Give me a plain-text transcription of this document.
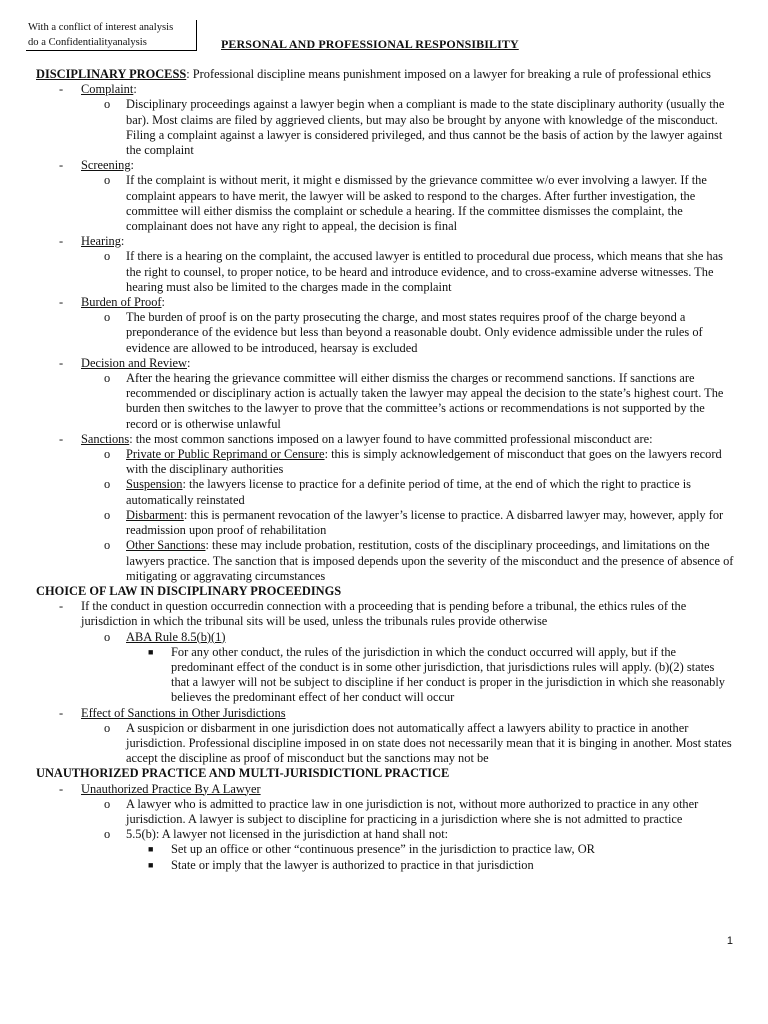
With a conflict of interest analysis
do a Confidentialityanalysis	PERSONAL AND PROFESSIONAL RESPONSIBILITY

DISCIPLINARY PROCESS: Professional discipline means punishment imposed on a lawyer for breaking a rule of professional ethics

- Complaint:
o Disciplinary proceedings against a lawyer begin when a compliant is made to the state disciplinary authority (usually the bar). Most claims are filed by aggrieved clients, but may also be brought by anyone with knowledge of the misconduct. Filing a complaint against a lawyer is considered privileged, and thus cannot be the basis of action by the lawyer against the complaint
- Screening:
o If the complaint is without merit, it might e dismissed by the grievance committee w/o ever involving a lawyer. If the complaint appears to have merit, the lawyer will be asked to respond to the charges. After further investigation, the committee will either dismiss the complaint or schedule a hearing. If the committee dismisses the complaint, the complainant does not have any right to appeal, the decision is final
- Hearing:
o If there is a hearing on the complaint, the accused lawyer is entitled to procedural due process, which means that she has the right to counsel, to proper notice, to be heard and introduce evidence, and to cross-examine adverse witnesses. The hearing must also be limited to the charges made in the complaint
- Burden of Proof:
o The burden of proof is on the party prosecuting the charge, and most states requires proof of the charge beyond a preponderance of the evidence but less than beyond a reasonable doubt. Only evidence admissible under the rules of evidence are allowed to be introduced, hearsay is excluded
- Decision and Review:
o After the hearing the grievance committee will either dismiss the charges or recommend sanctions. If sanctions are recommended or disciplinary action is actually taken the lawyer may appeal the decision to the state’s highest court. The burden then switches to the lawyer to prove that the committee’s actions or recommendations is not supported by the record or is otherwise unlawful
- Sanctions: the most common sanctions imposed on a lawyer found to have committed professional misconduct are:
o Private or Public Reprimand or Censure: this is simply acknowledgement of misconduct that goes on the lawyers record with the disciplinary authorities
o Suspension: the lawyers license to practice for a definite period of time, at the end of which the right to practice is automatically reinstated
o Disbarment: this is permanent revocation of the lawyer’s license to practice. A disbarred lawyer may, however, apply for readmission upon proof of rehabilitation
o Other Sanctions: these may include probation, restitution, costs of the disciplinary proceedings, and limitations on the lawyers practice. The sanction that is imposed depends upon the severity of the misconduct and the presence of absence of mitigating or aggravating circumstances

CHOICE OF LAW IN DISCIPLINARY PROCEEDINGS

- If the conduct in question occurredin connection with a proceeding that is pending before a tribunal, the ethics rules of the jurisdiction in which the tribunal sits will be used, unless the tribunals rules provide otherwise
o ABA Rule 8.5(b)(1)
■ For any other conduct, the rules of the jurisdiction in which the conduct occurred will apply, but if the predominant effect of the conduct is in some other jurisdiction, that jurisdictions rules will apply. (b)(2) states that a lawyer will not be subject to discipline if her conduct is proper in the jurisdiction in which she reasonably believes the predominant effect of her conduct will occur
- Effect of Sanctions in Other Jurisdictions
o A suspicion or disbarment in one jurisdiction does not automatically affect a lawyers ability to practice in another jurisdiction. Professional discipline imposed in on state does not necessarily mean that it is binging in another. Most states accept the discipline as proof of misconduct but the sanctions may not be

UNAUTHORIZED PRACTICE AND MULTI-JURISDICTIONL PRACTICE

- Unauthorized Practice By A Lawyer
o A lawyer who is admitted to practice law in one jurisdiction is not, without more authorized to practice in any other jurisdiction. A lawyer is subject to discipline for practicing in a jurisdiction where she is not admitted to practice
o 5.5(b): A lawyer not licensed in the jurisdiction at hand shall not:
■ Set up an office or other “continuous presence” in the jurisdiction to practice law, OR
■ State or imply that the lawyer is authorized to practice in that jurisdiction
1
